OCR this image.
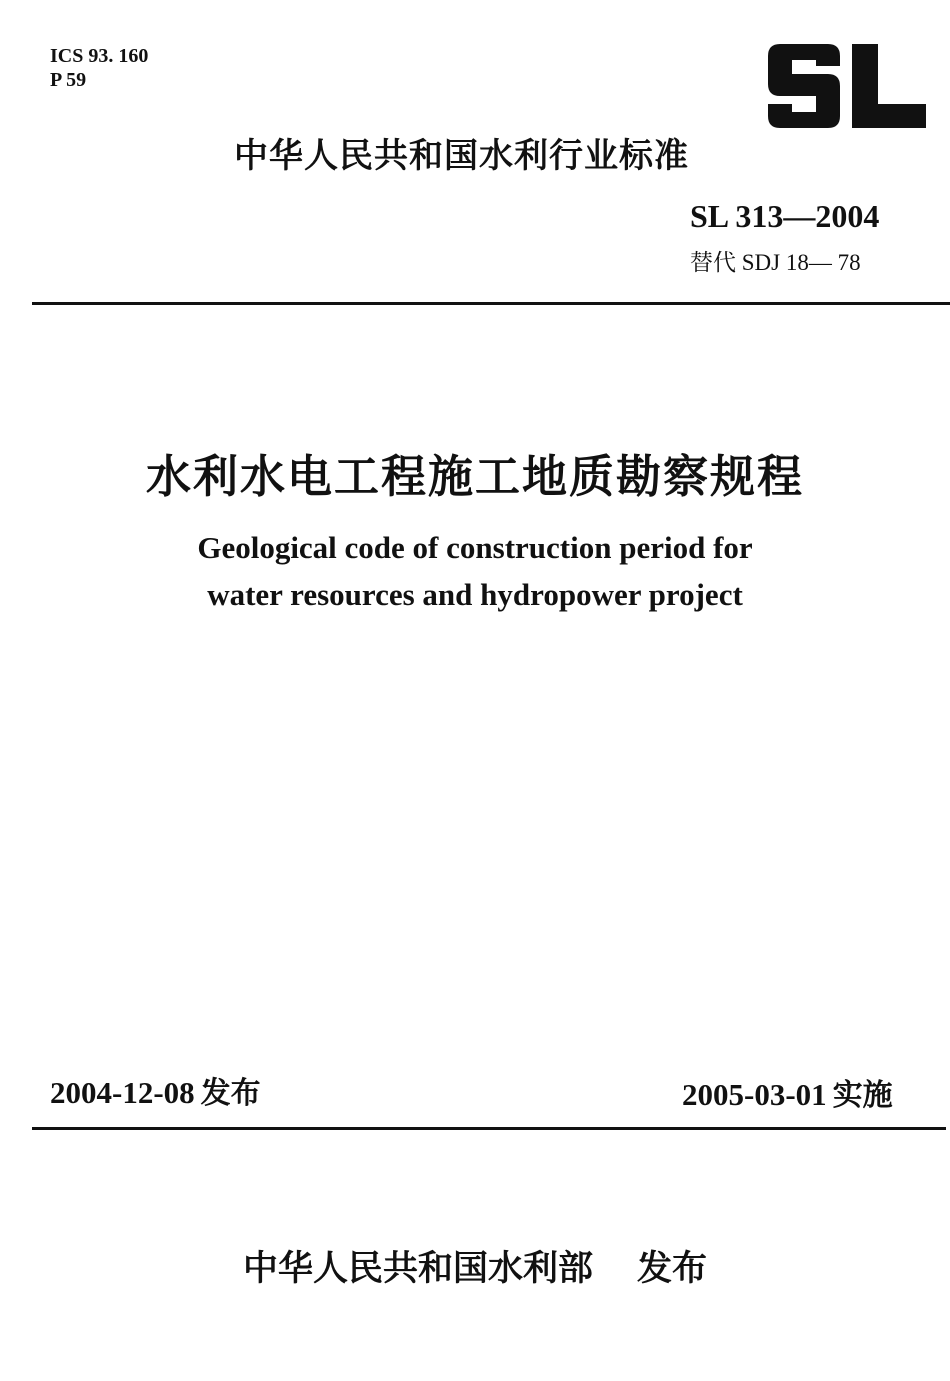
ICS 93. 160
P 59
中华人民共和国水利行业标准
SL 313—2004
替代 SDJ 18— 78
水利水电工程施工地质勘察规程
Geological code of construction period for
water resources and hydropower project
2004-12-08 发布	2005-03-01 实施
中华人民共和国水利部 发布
